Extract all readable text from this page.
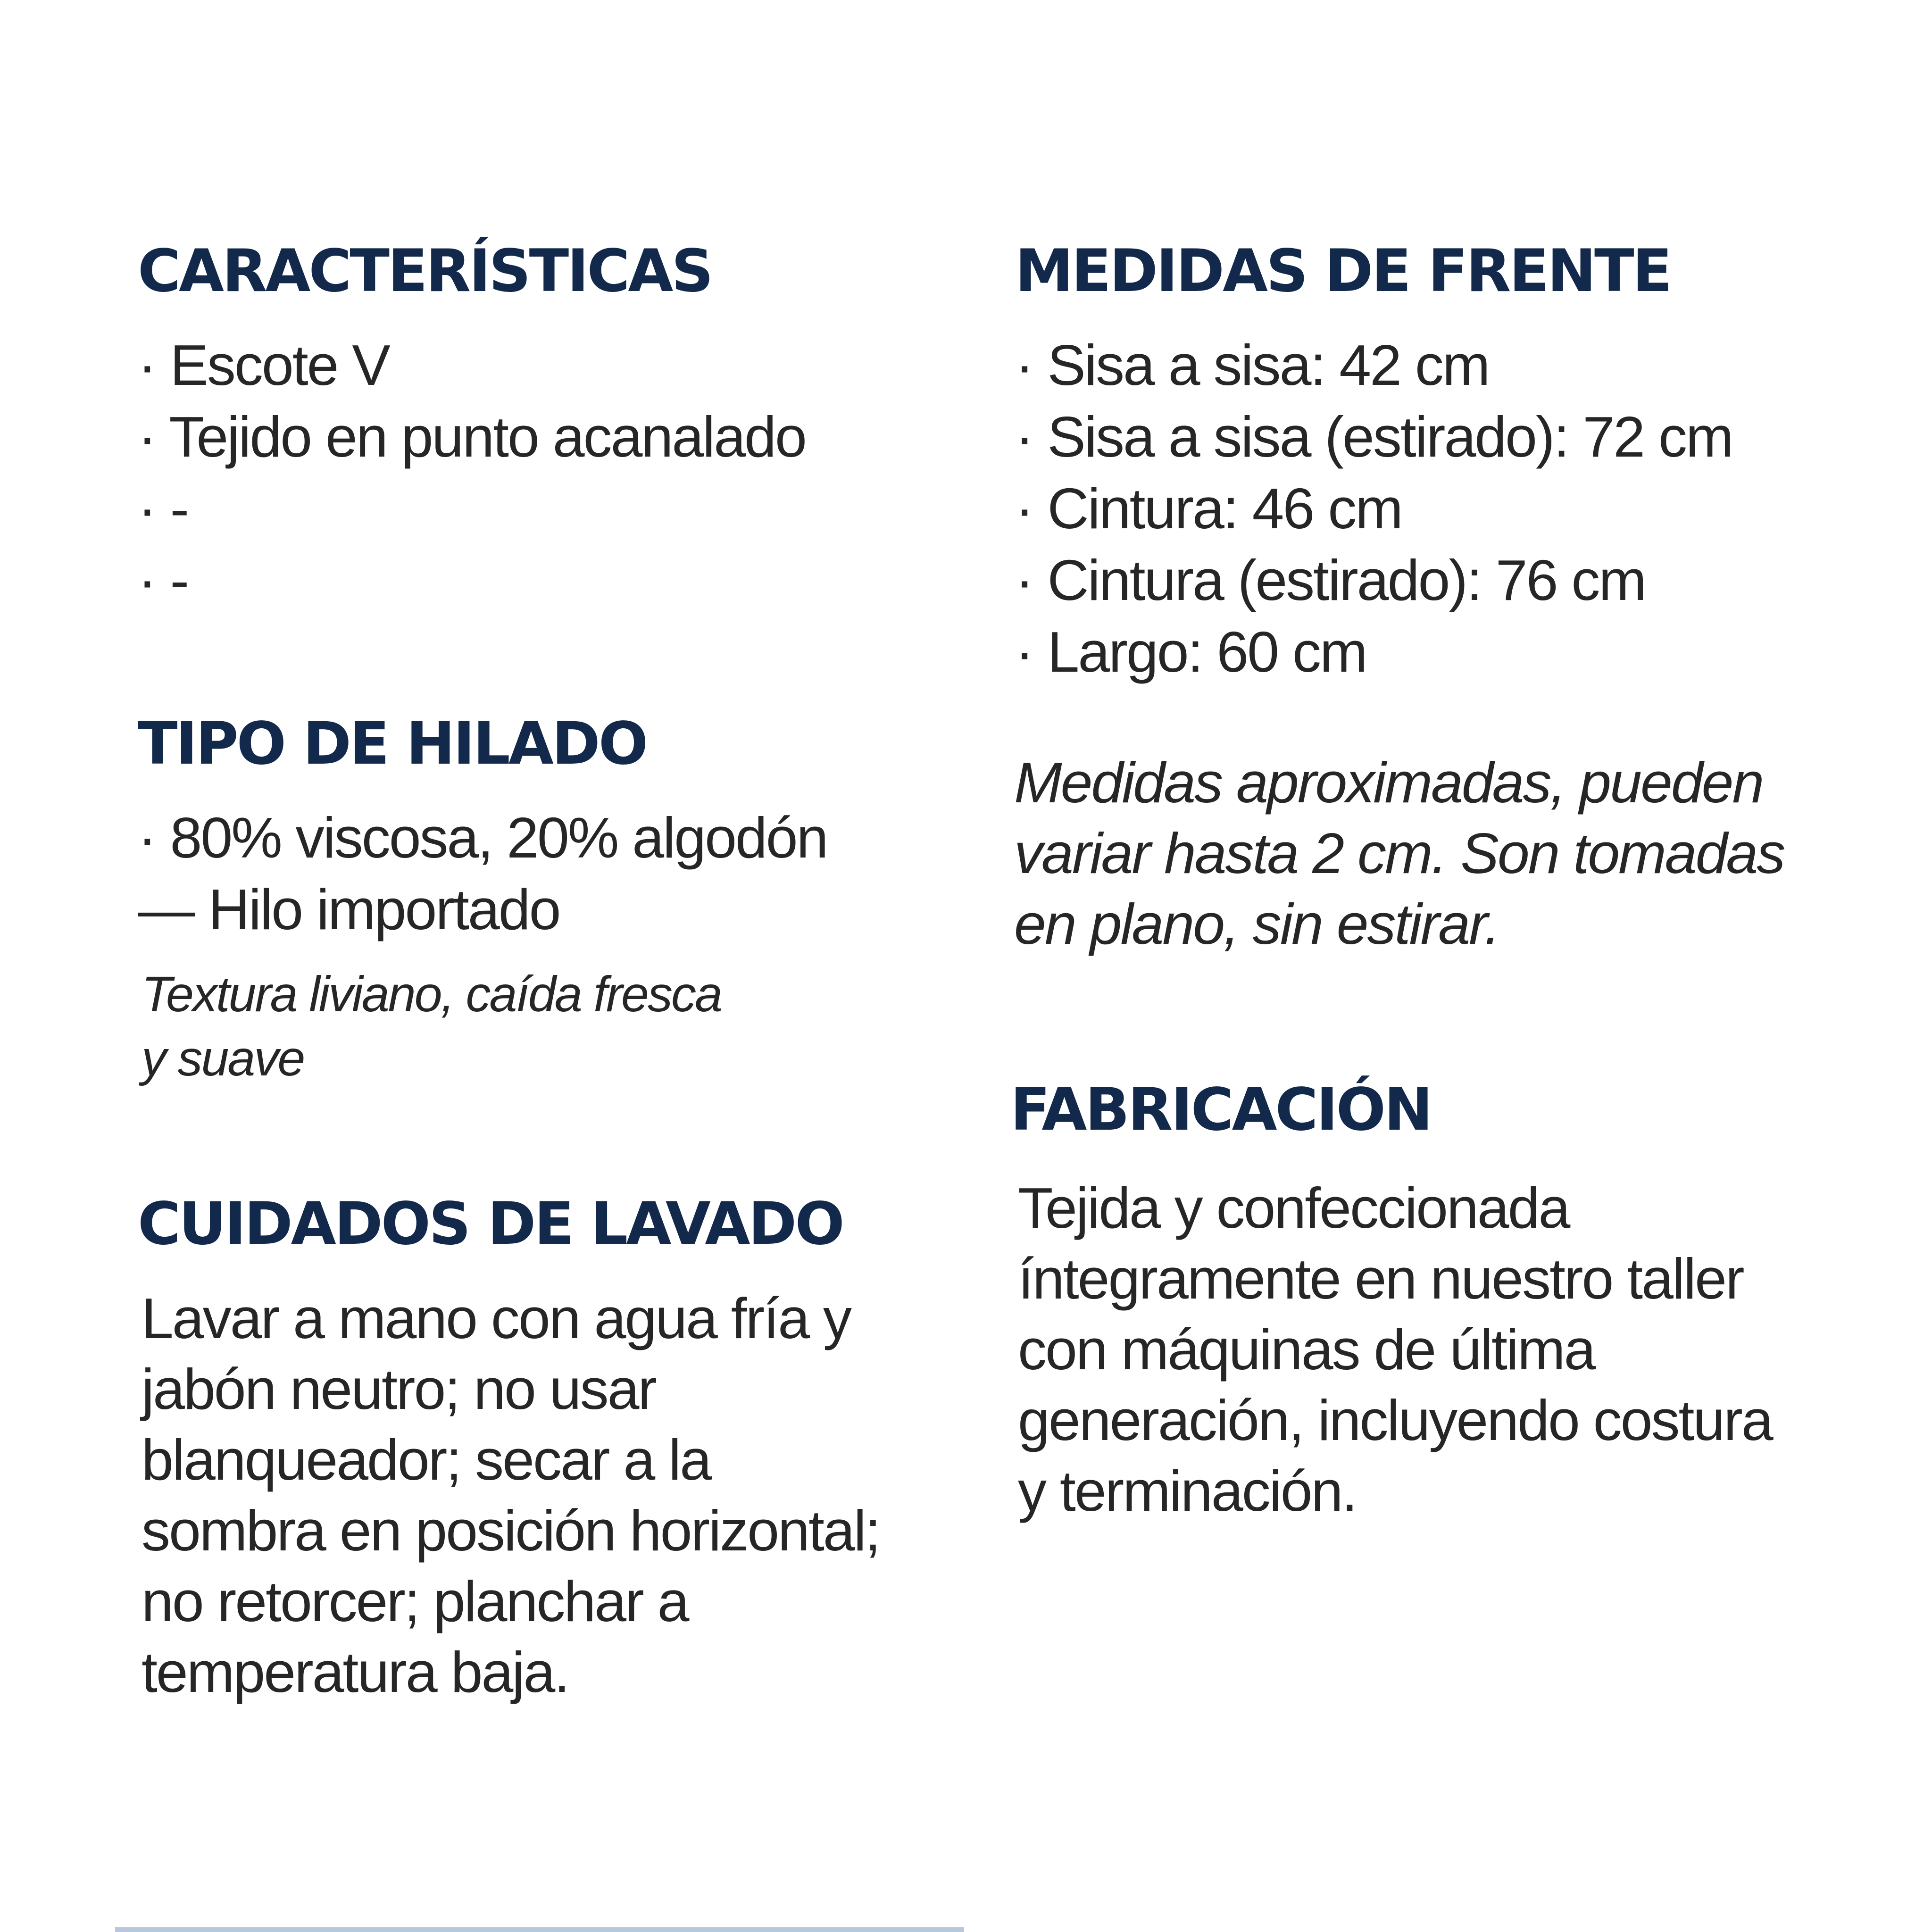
CARACTERÍSTICAS
· Escote V
· Tejido en punto acanalado
· -
· -
TIPO DE HILADO
· 80% viscosa, 20% algodón
— Hilo importado
Textura liviano, caída fresca
y suave
CUIDADOS DE LAVADO
Lavar a mano con agua fría y
jabón neutro; no usar
blanqueador; secar a la
sombra en posición horizontal;
no retorcer; planchar a
temperatura baja.
MEDIDAS DE FRENTE
· Sisa a sisa: 42 cm
· Sisa a sisa (estirado): 72 cm
· Cintura: 46 cm
· Cintura (estirado): 76 cm
· Largo: 60 cm
Medidas aproximadas, pueden
variar hasta 2 cm. Son tomadas
en plano, sin estirar.
FABRICACIÓN
Tejida y confeccionada
íntegramente en nuestro taller
con máquinas de última
generación, incluyendo costura
y terminación.
